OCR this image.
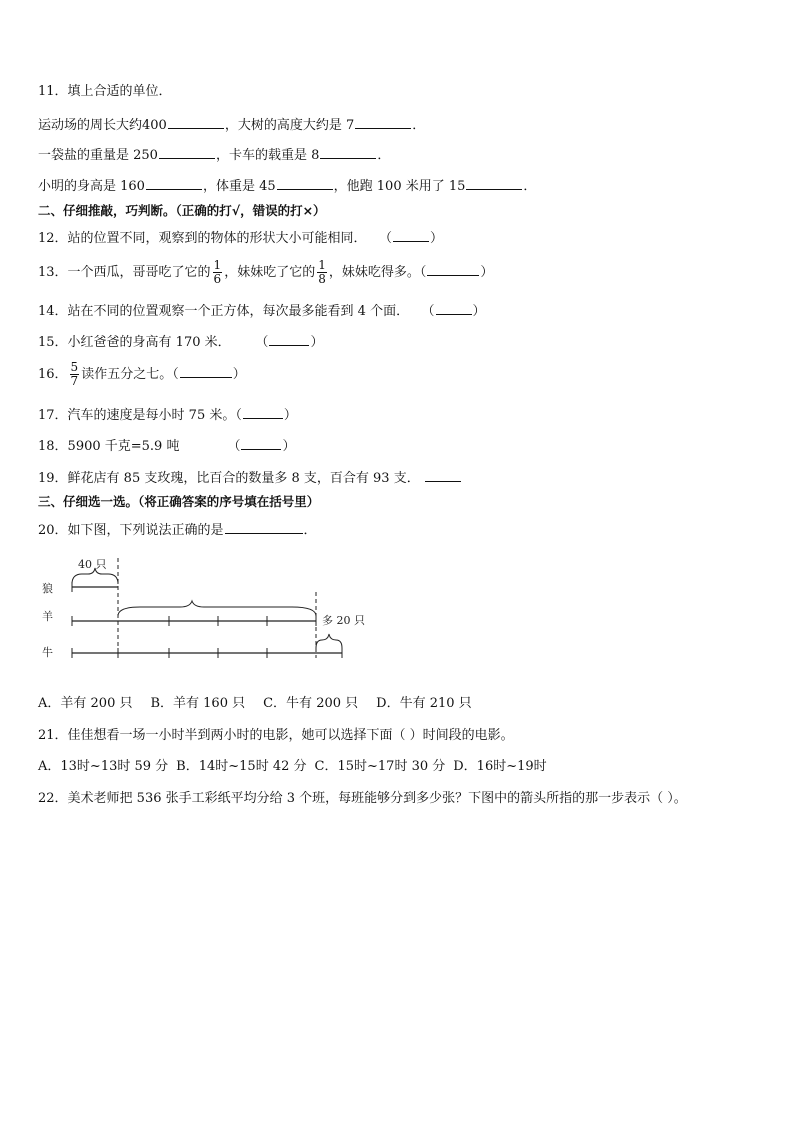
11．填上合适的单位．
运动场的周长大约400	，大树的高度大约是 7	．
一袋盐的重量是 250	，卡车的载重是 8	．
小明的身高是 160	，体重是 45	，他跑 100 米用了 15	．
二、仔细推敲，巧判断。（正确的打√，错误的打×）
12．站的位置不同，观察到的物体的形状大小可能相同． （	）
13．一个西瓜，哥哥吃了它的 $\frac{1}{6}$ ，妹妹吃了它的 $\frac{1}{8}$ ，妹妹吃得多。（	）
14．站在不同的位置观察一个正方体，每次最多能看到 4 个面． （	）
15．小红爸爸的身高有 170 米． （	）
16． $\frac{5}{7}$ 读作五分之七。（	）
17．汽车的速度是每小时 75 米。（	）
18．5900 千克=5.9 吨	（	）
19．鲜花店有 85 支玫瑰，比百合的数量多 8 支，百合有 93 支．
三、仔细选一选。（将正确答案的序号填在括号里）
20．如下图，下列说法正确的是	．
狼
40 只
羊	多 20 只
牛
A．羊有 200 只 B．羊有 160 只 C．牛有 200 只 D．牛有 210 只
21．佳佳想看一场一小时半到两小时的电影，她可以选择下面（ ）时间段的电影。
A．13时~13时 59 分 B．14时~15时 42 分 C．15时~17时 30 分 D．16时~19时
22．美术老师把 536 张手工彩纸平均分给 3 个班，每班能够分到多少张？下图中的箭头所指的那一步表示（ ）。
